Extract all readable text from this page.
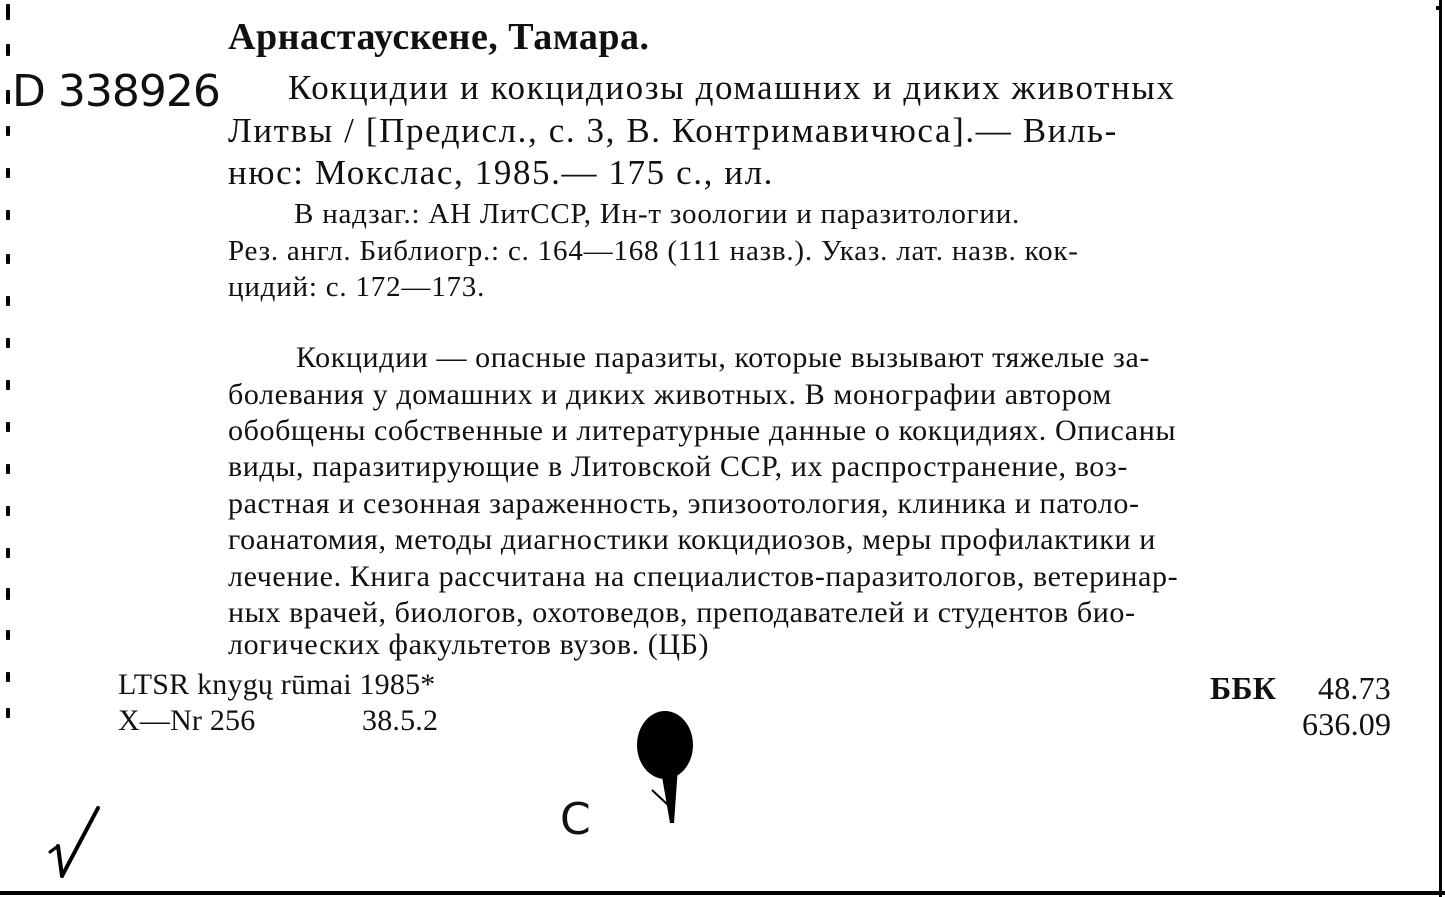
Арнастаускене, Тамара.
D 338926 Кокцидии и кокцидиозы домашних и диких животных
Литвы / [Предисл., с. 3, В. Контримавичюса].— Виль-
нюс: Мокслас, 1985.— 175 с., ил.
В надзаг.: АН ЛитССР, Ин-т зоологии и паразитологии.
Рез. англ. Библиогр.: с. 164—168 (111 назв.). Указ. лат. назв. кок-
цидий: с. 172—173.
Кокцидии — опасные паразиты, которые вызывают тяжелые за-
болевания у домашних и диких животных. В монографии автором
обобщены собственные и литературные данные о кокцидиях. Описаны
виды, паразитирующие в Литовской ССР, их распространение, воз-
растная и сезонная зараженность, эпизоотология, клиника и патоло-
гоанатомия, методы диагностики кокцидиозов, меры профилактики и
лечение. Книга рассчитана на специалистов-паразитологов, ветеринар-
ных врачей, биологов, охотоведов, преподавателей и студентов био-
логических факультетов вузов. (ЦБ)
LTSR knygų rūmai 1985*
X—Nr 256	38.5.2
ББК 48.73
636.09
С
